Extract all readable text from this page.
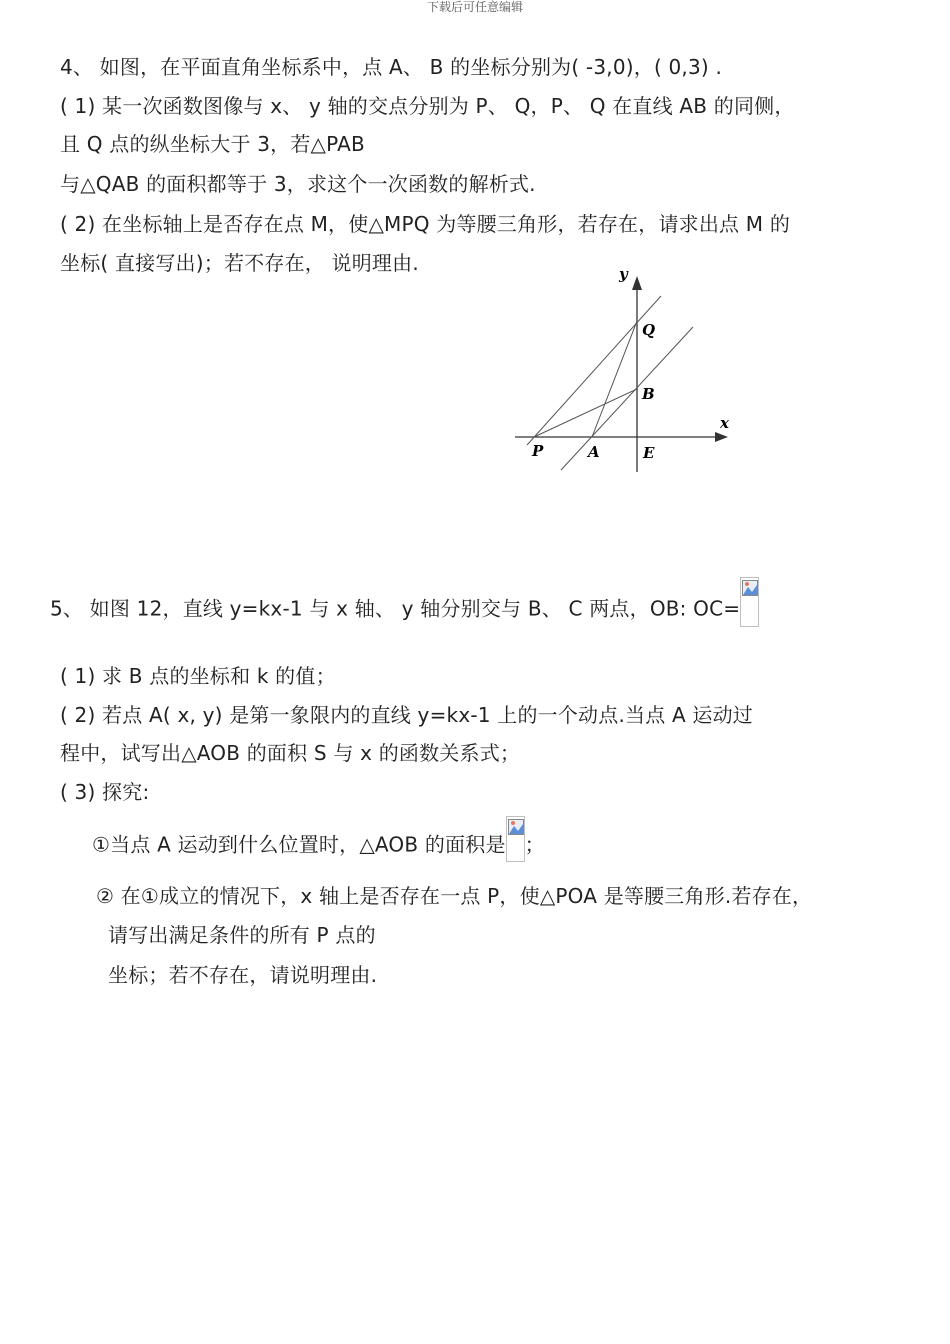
下载后可任意编辑
4、 如图，在平面直角坐标系中，点 A、 B 的坐标分别为( -3,0)，( 0,3) .
( 1) 某一次函数图像与 x、 y 轴的交点分别为 P、 Q，P、 Q 在直线 AB 的同侧，
且 Q 点的纵坐标大于 3，若△PAB
与△QAB 的面积都等于 3，求这个一次函数的解析式.
( 2) 在坐标轴上是否存在点 M，使△MPQ 为等腰三角形，若存在，请求出点 M 的
坐标( 直接写出)；若不存在， 说明理由.	y
x
Q
B
P	A	E
5、 如图 12，直线 y=kx-1 与 x 轴、 y 轴分别交与 B、 C 两点，OB: OC=
( 1) 求 B 点的坐标和 k 的值；
( 2) 若点 A( x, y) 是第一象限内的直线 y=kx-1 上的一个动点.当点 A 运动过
程中，试写出△AOB 的面积 S 与 x 的函数关系式；
( 3) 探究:
①当点 A 运动到什么位置时，△AOB 的面积是 ；
② 在①成立的情况下，x 轴上是否存在一点 P，使△POA 是等腰三角形.若存在，
请写出满足条件的所有 P 点的
坐标；若不存在，请说明理由.
